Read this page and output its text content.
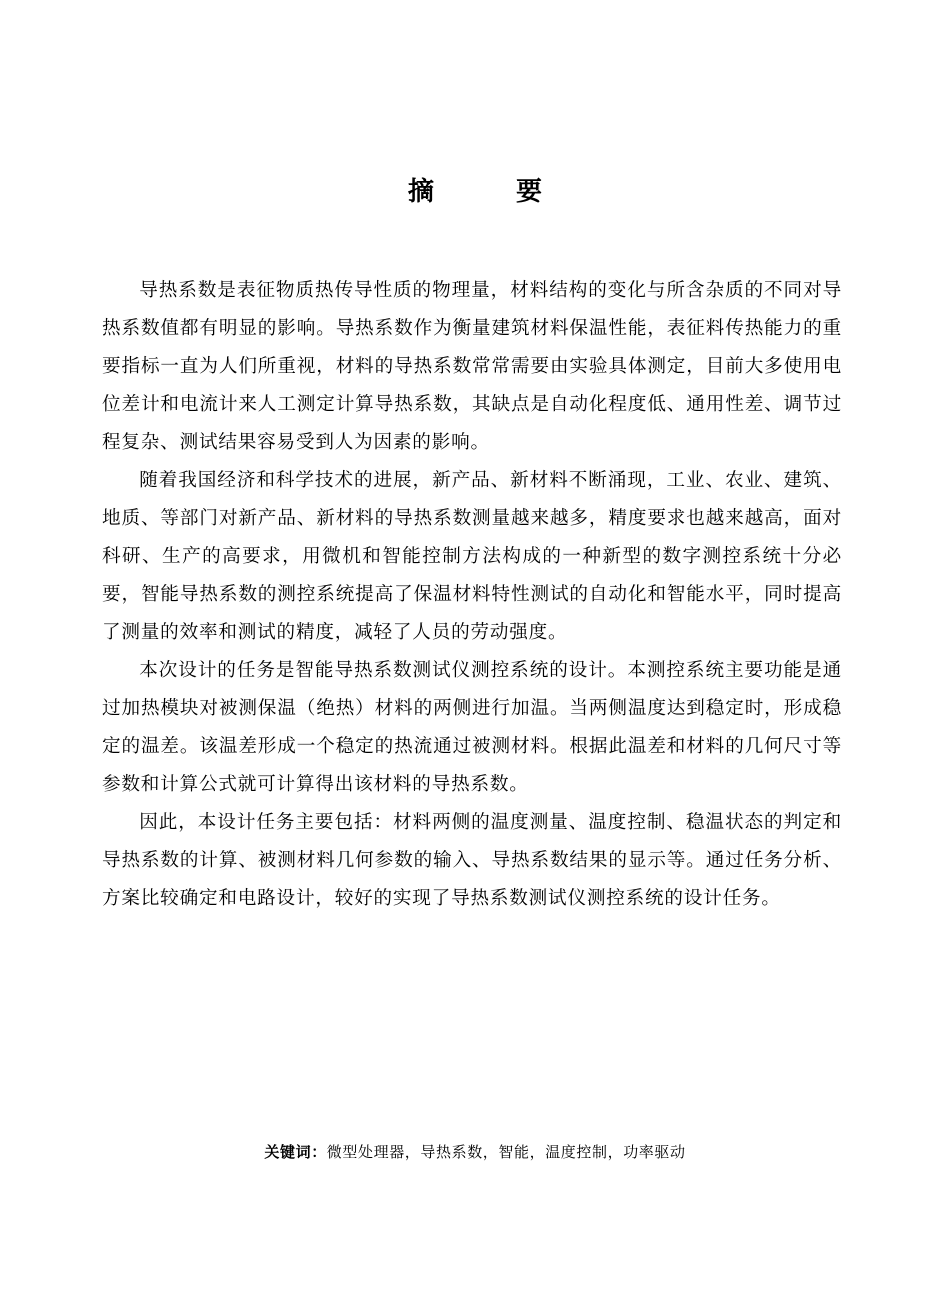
摘　要

导热系数是表征物质热传导性质的物理量，材料结构的变化与所含杂质的不同对导热系数值都有明显的影响。导热系数作为衡量建筑材料保温性能，表征料传热能力的重要指标一直为人们所重视，材料的导热系数常常需要由实验具体测定，目前大多使用电位差计和电流计来人工测定计算导热系数，其缺点是自动化程度低、通用性差、调节过程复杂、测试结果容易受到人为因素的影响。

随着我国经济和科学技术的进展，新产品、新材料不断涌现，工业、农业、建筑、地质、等部门对新产品、新材料的导热系数测量越来越多，精度要求也越来越高，面对科研、生产的高要求，用微机和智能控制方法构成的一种新型的数字测控系统十分必要，智能导热系数的测控系统提高了保温材料特性测试的自动化和智能水平，同时提高了测量的效率和测试的精度，减轻了人员的劳动强度。

本次设计的任务是智能导热系数测试仪测控系统的设计。本测控系统主要功能是通过加热模块对被测保温（绝热）材料的两侧进行加温。当两侧温度达到稳定时，形成稳定的温差。该温差形成一个稳定的热流通过被测材料。根据此温差和材料的几何尺寸等参数和计算公式就可计算得出该材料的导热系数。

因此，本设计任务主要包括：材料两侧的温度测量、温度控制、稳温状态的判定和导热系数的计算、被测材料几何参数的输入、导热系数结果的显示等。通过任务分析、方案比较确定和电路设计，较好的实现了导热系数测试仪测控系统的设计任务。

关键词：微型处理器，导热系数，智能，温度控制，功率驱动
